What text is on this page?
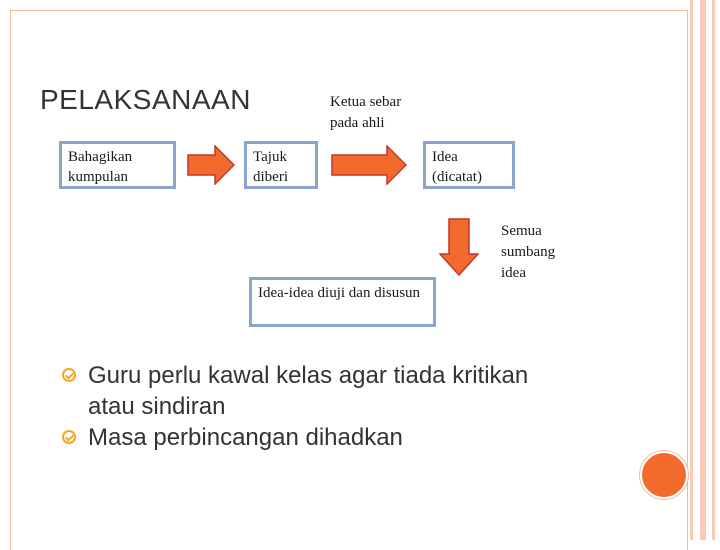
PELAKSANAAN	Ketua sebar pada ahli
Semua sumbang idea
Bahagikan kumpulan
Tajuk diberi
Idea (dicatat)
Idea-idea diuji dan disusun
Guru perlu kawal kelas agar tiada kritikan atau sindiran
Masa perbincangan dihadkan
